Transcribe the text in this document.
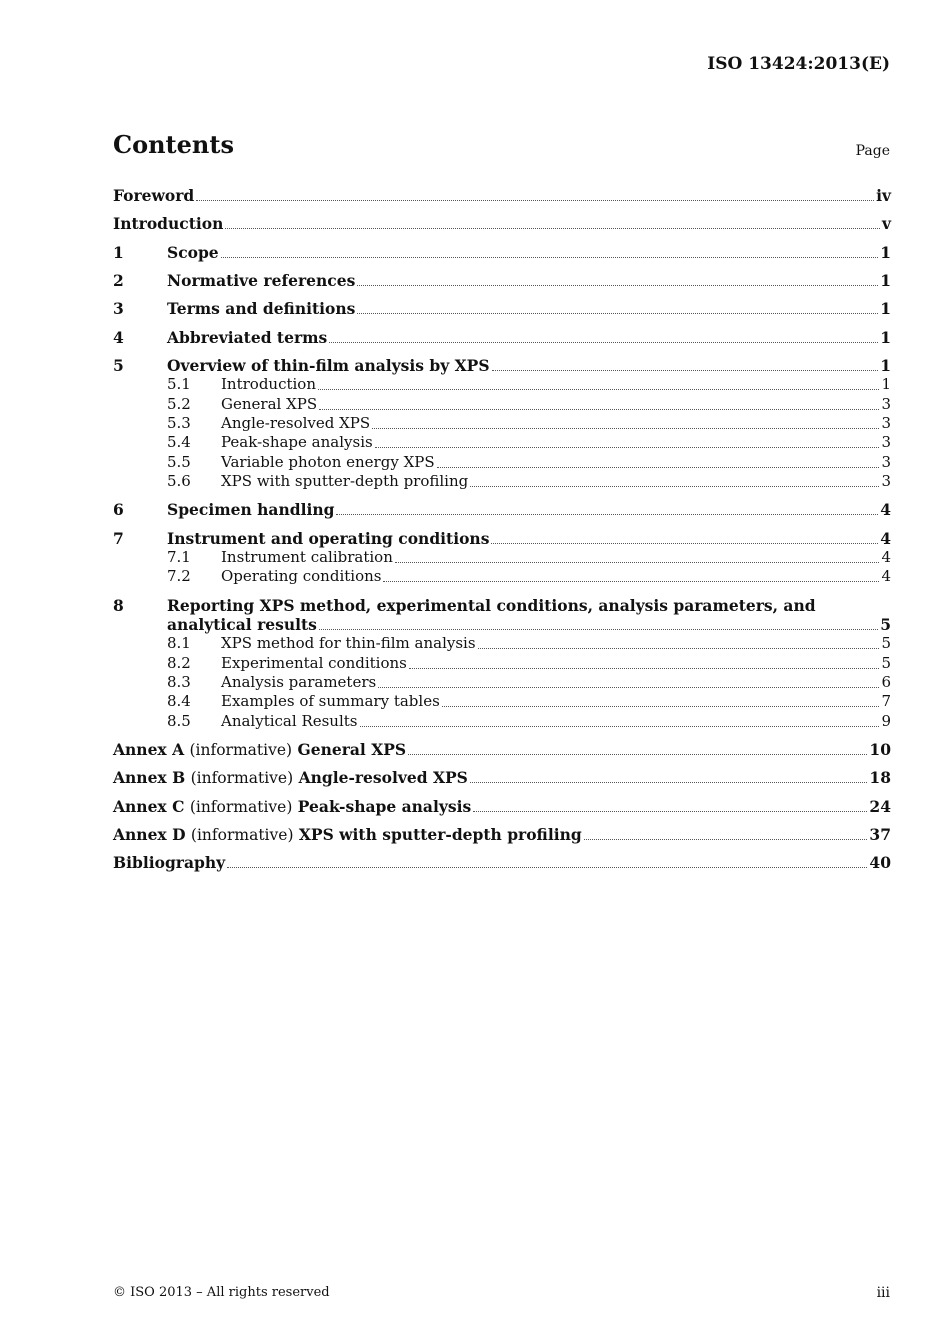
ISO 13424:2013(E)
Contents	Page
Foreword	iv
Introduction	v
1	Scope	1
2	Normative references	1
3	Terms and definitions	1
4	Abbreviated terms	1
5	Overview of thin-film analysis by XPS	1
5.1	Introduction	1
5.2	General XPS	3
5.3	Angle-resolved XPS	3
5.4	Peak-shape analysis	3
5.5	Variable photon energy XPS	3
5.6	XPS with sputter-depth profiling	3
6	Specimen handling	4
7	Instrument and operating conditions	4
7.1	Instrument calibration	4
7.2	Operating conditions	4
8	Reporting XPS method, experimental conditions, analysis parameters, and
analytical results	5
8.1	XPS method for thin-film analysis	5
8.2	Experimental conditions	5
8.3	Analysis parameters	6
8.4	Examples of summary tables	7
8.5	Analytical Results	9
Annex A (informative) General XPS	10
Annex B (informative) Angle-resolved XPS	18
Annex C (informative) Peak-shape analysis	24
Annex D (informative) XPS with sputter-depth profiling	37
Bibliography	40
© ISO 2013 – All rights reserved	iii
